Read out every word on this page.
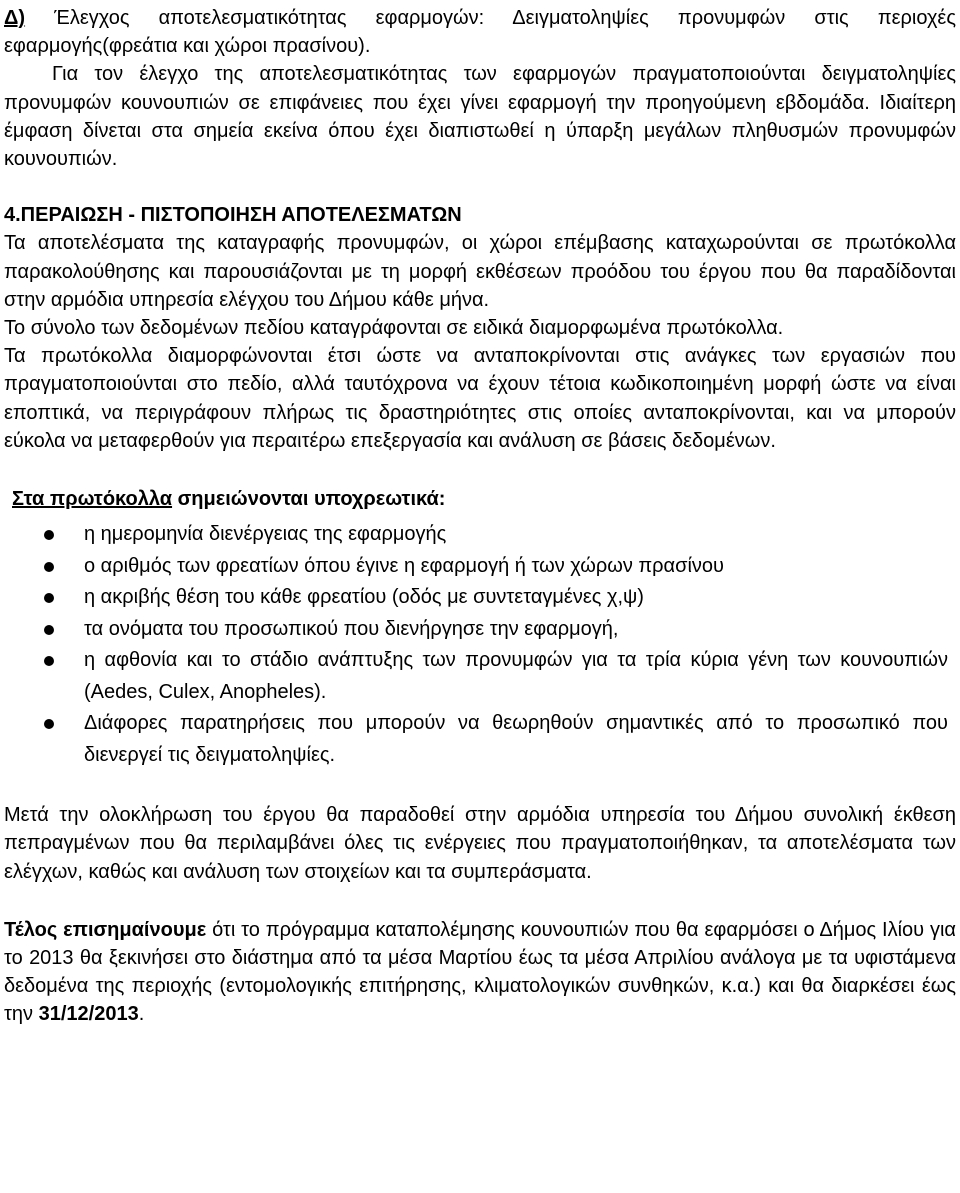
Δ) Έλεγχος αποτελεσματικότητας εφαρμογών: Δειγματοληψίες προνυμφών στις περιοχές εφαρμογής(φρεάτια και χώροι πρασίνου).

Για τον έλεγχο της αποτελεσματικότητας των εφαρμογών πραγματοποιούνται δειγματοληψίες προνυμφών κουνουπιών σε επιφάνειες που έχει γίνει εφαρμογή την προηγούμενη εβδομάδα. Ιδιαίτερη έμφαση δίνεται στα σημεία εκείνα όπου έχει διαπιστωθεί η ύπαρξη μεγάλων πληθυσμών προνυμφών κουνουπιών.

4.ΠΕΡΑΙΩΣΗ - ΠΙΣΤΟΠΟΙΗΣΗ ΑΠΟΤΕΛΕΣΜΑΤΩΝ

Τα αποτελέσματα της καταγραφής προνυμφών, οι χώροι επέμβασης καταχωρούνται σε πρωτόκολλα παρακολούθησης και παρουσιάζονται με τη μορφή εκθέσεων προόδου του έργου που θα παραδίδονται στην αρμόδια υπηρεσία ελέγχου του Δήμου κάθε μήνα.

Το σύνολο των δεδομένων πεδίου καταγράφονται σε ειδικά διαμορφωμένα πρωτόκολλα.

Τα πρωτόκολλα διαμορφώνονται έτσι ώστε να ανταποκρίνονται στις ανάγκες των εργασιών που πραγματοποιούνται στο πεδίο, αλλά ταυτόχρονα να έχουν τέτοια κωδικοποιημένη μορφή ώστε να είναι εποπτικά, να περιγράφουν πλήρως τις δραστηριότητες στις οποίες ανταποκρίνονται, και να μπορούν εύκολα να μεταφερθούν για περαιτέρω επεξεργασία και ανάλυση σε βάσεις δεδομένων.

Στα πρωτόκολλα σημειώνονται υποχρεωτικά:

η ημερομηνία διενέργειας της εφαρμογής
ο αριθμός των φρεατίων όπου έγινε η εφαρμογή ή των χώρων πρασίνου
η ακριβής θέση του κάθε φρεατίου (οδός με συντεταγμένες χ,ψ)
τα ονόματα του προσωπικού που διενήργησε την εφαρμογή,
η αφθονία και το στάδιο ανάπτυξης των προνυμφών για τα τρία κύρια γένη των κουνουπιών (Aedes, Culex, Anopheles).
Διάφορες παρατηρήσεις που μπορούν να θεωρηθούν σημαντικές από το προσωπικό που διενεργεί τις δειγματοληψίες.

Μετά την ολοκλήρωση του έργου θα παραδοθεί στην αρμόδια υπηρεσία του Δήμου συνολική έκθεση πεπραγμένων που θα περιλαμβάνει όλες τις ενέργειες που πραγματοποιήθηκαν, τα αποτελέσματα των ελέγχων, καθώς και ανάλυση των στοιχείων και τα συμπεράσματα.

Τέλος επισημαίνουμε ότι το πρόγραμμα καταπολέμησης κουνουπιών που θα εφαρμόσει ο Δήμος Ιλίου για το 2013 θα ξεκινήσει στο διάστημα από τα μέσα Μαρτίου έως τα μέσα Απριλίου ανάλογα με τα υφιστάμενα δεδομένα της περιοχής (εντομολογικής επιτήρησης, κλιματολογικών συνθηκών, κ.α.) και θα διαρκέσει έως την 31/12/2013.
